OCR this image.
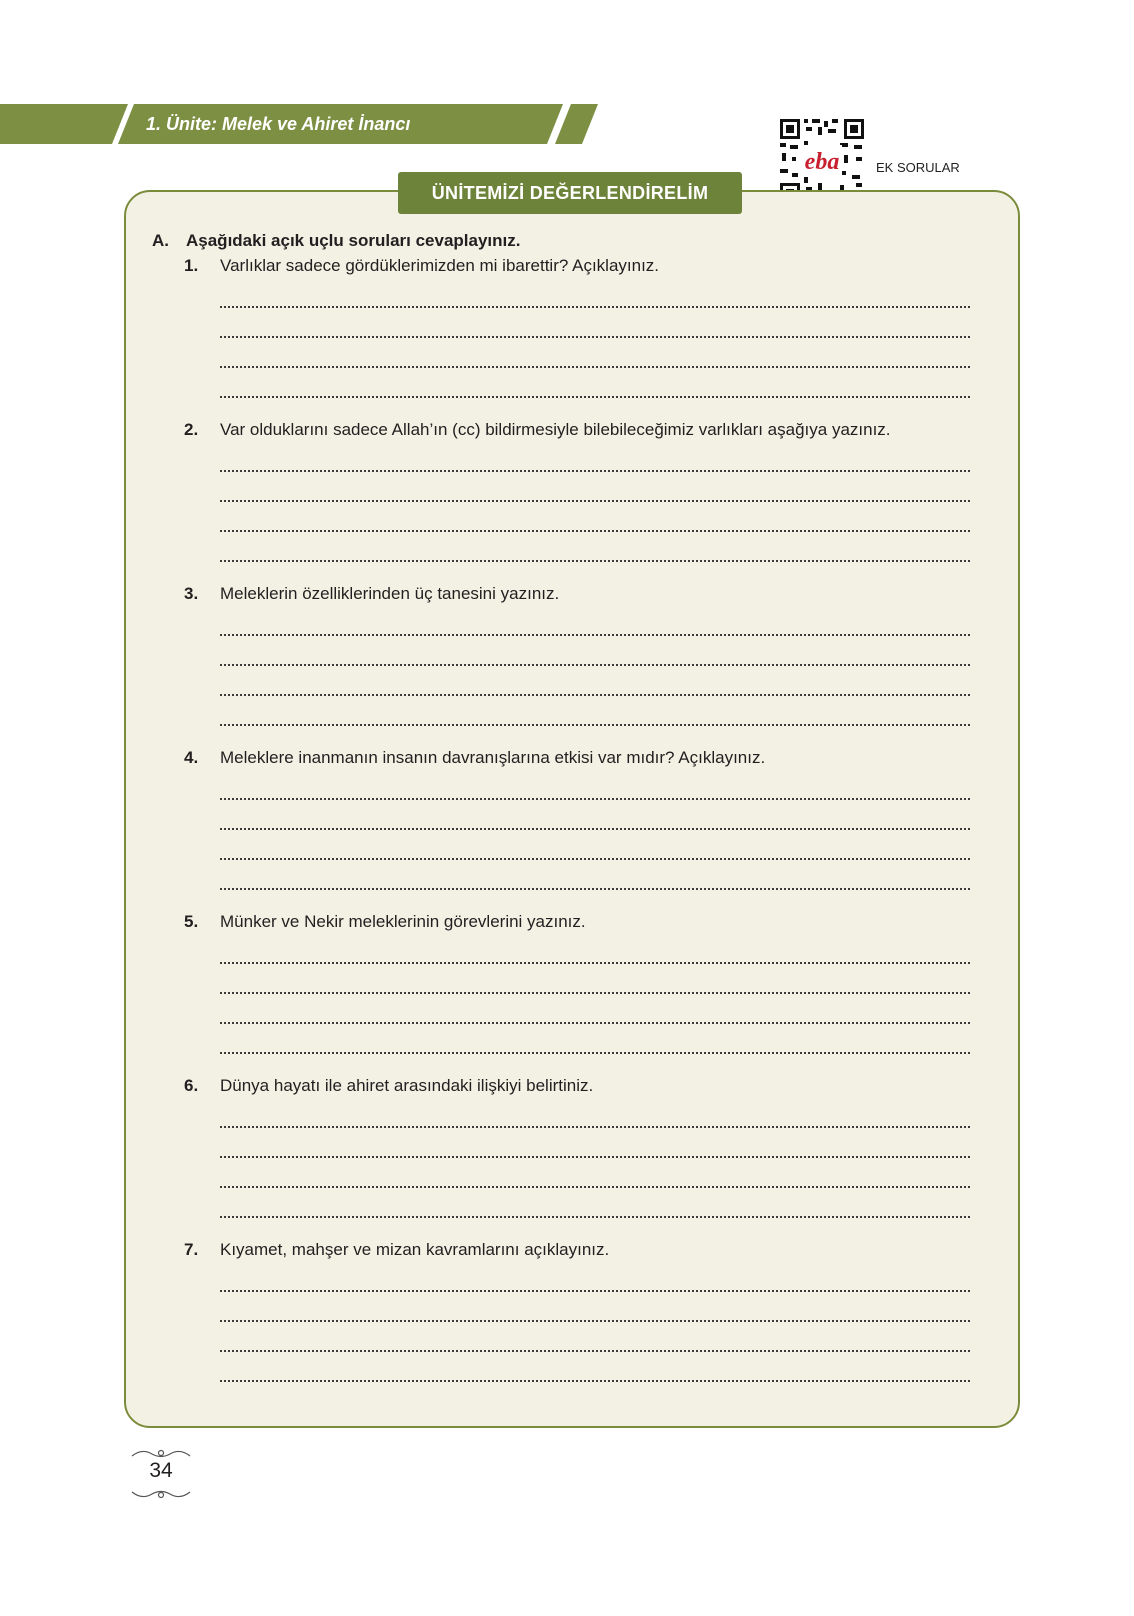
1. Ünite: Melek ve Ahiret İnancı
eba	EK SORULAR
ÜNİTEMİZİ DEĞERLENDİRELİM
A. Aşağıdaki açık uçlu soruları cevaplayınız.
1.	Varlıklar sadece gördüklerimizden mi ibarettir? Açıklayınız.
2.	Var olduklarını sadece Allah’ın (cc) bildirmesiyle bilebileceğimiz varlıkları aşağıya yazınız.
3.	Meleklerin özelliklerinden üç tanesini yazınız.
4.	Meleklere inanmanın insanın davranışlarına etkisi var mıdır? Açıklayınız.
5.	Münker ve Nekir meleklerinin görevlerini yazınız.
6.	Dünya hayatı ile ahiret arasındaki ilişkiyi belirtiniz.
7.	Kıyamet, mahşer ve mizan kavramlarını açıklayınız.
34
